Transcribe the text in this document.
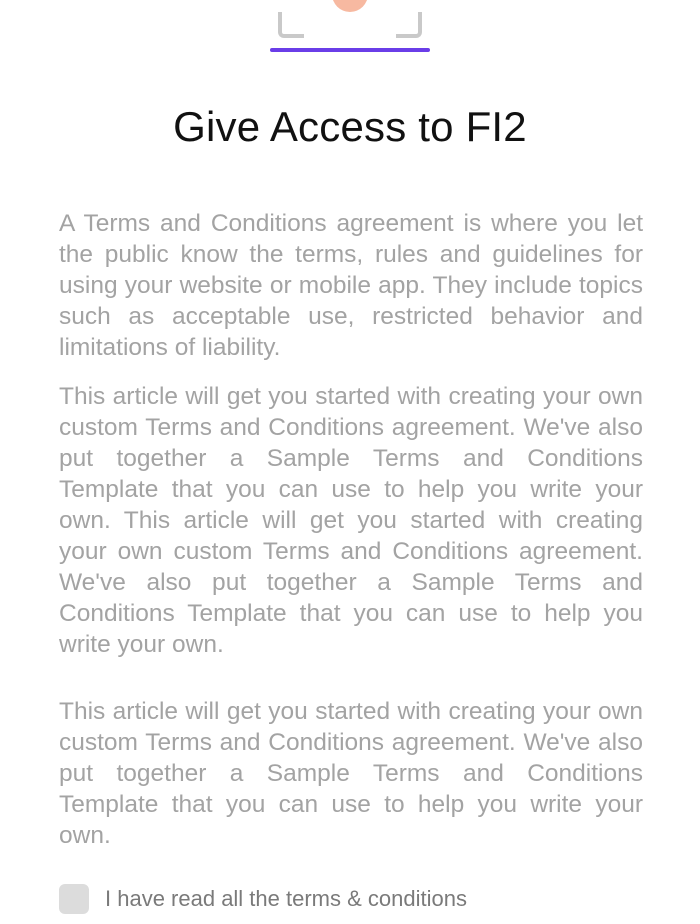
Give Access to FI2

A Terms and Conditions agreement is where you let the public know the terms, rules and guidelines for using your website or mobile app. They include topics such as acceptable use, restricted behavior and limitations of liability.

This article will get you started with creating your own custom Terms and Conditions agreement. We've also put together a Sample Terms and Conditions Template that you can use to help you write your own. This article will get you started with creating your own custom Terms and Conditions agreement. We've also put together a Sample Terms and Conditions Template that you can use to help you write your own.

This article will get you started with creating your own custom Terms and Conditions agreement. We've also put together a Sample Terms and Conditions Template that you can use to help you write your own.

I have read all the terms & conditions
